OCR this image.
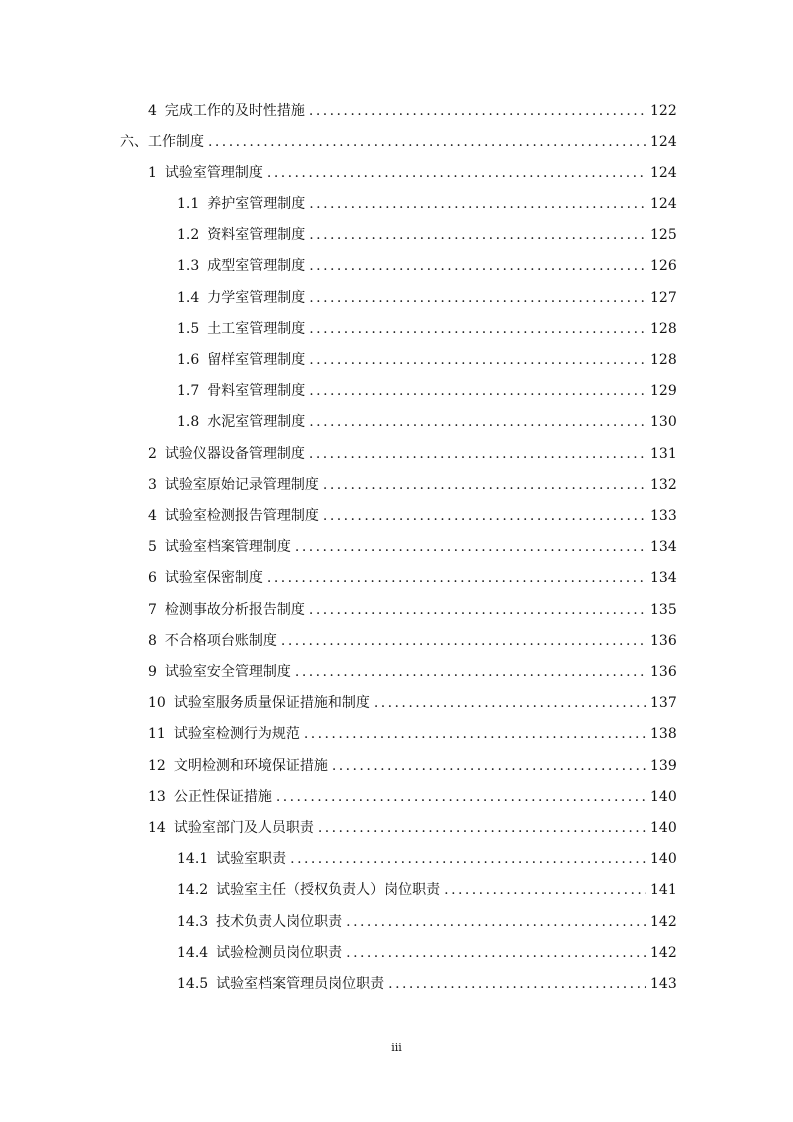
4 完成工作的及时性措施 . . .	122
六、工作制度 . . .	124
1 试验室管理制度 . . .	124
1.1 养护室管理制度 . . .	124
1.2 资料室管理制度 . . .	125
1.3 成型室管理制度 . . .	126
1.4 力学室管理制度 . . .	127
1.5 土工室管理制度 . . .	128
1.6 留样室管理制度 . . .	128
1.7 骨料室管理制度 . . .	129
1.8 水泥室管理制度 . . .	130
2 试验仪器设备管理制度 . . .	131
3 试验室原始记录管理制度 . . .	132
4 试验室检测报告管理制度 . . .	133
5 试验室档案管理制度 . . .	134
6 试验室保密制度 . . .	134
7 检测事故分析报告制度 . . .	135
8 不合格项台账制度 . . .	136
9 试验室安全管理制度 . . .	136
10 试验室服务质量保证措施和制度 . . .	137
11 试验室检测行为规范 . . .	138
12 文明检测和环境保证措施 . . .	139
13 公正性保证措施 . . .	140
14 试验室部门及人员职责 . . .	140
14.1 试验室职责 . . .	140
14.2 试验室主任（授权负责人）岗位职责 . . .	141
14.3 技术负责人岗位职责 . . .	142
14.4 试验检测员岗位职责 . . .	142
14.5 试验室档案管理员岗位职责 . . .	143
iii
